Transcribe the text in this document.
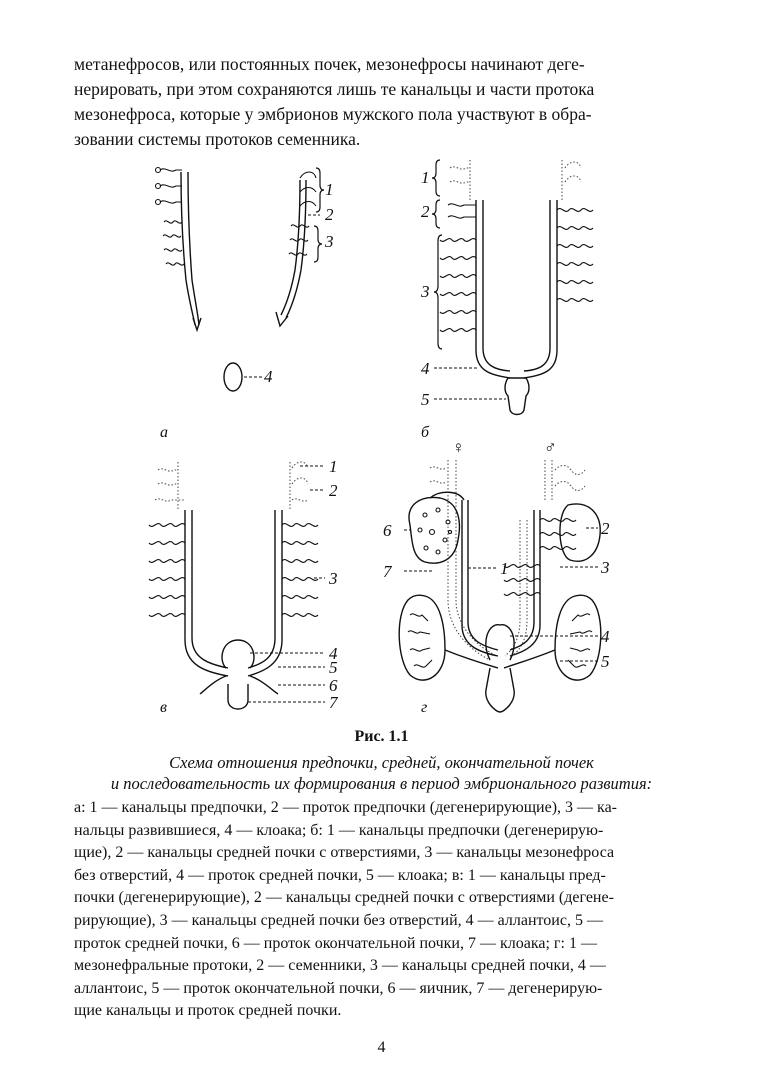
метанефросов, или постоянных почек, мезонефросы начинают деге-
нерировать, при этом сохраняются лишь те канальцы и части протока
мезонефроса, которые у эмбрионов мужского пола участвуют в обра-
зовании системы протоков семенника.

1
2
3
4
а
1
2
3
4
5
б
1
2
3
4
5
6
7
в
♀	♂
6
7	1
2
3
4
5
г

Рис. 1.1

Схема отношения предпочки, средней, окончательной почек
и последовательность их формирования в период эмбрионального развития:

а: 1 — канальцы предпочки, 2 — проток предпочки (дегенерирующие), 3 — ка-
нальцы развившиеся, 4 — клоака; б: 1 — канальцы предпочки (дегенерирую-
щие), 2 — канальцы средней почки с отверстиями, 3 — канальцы мезонефроса
без отверстий, 4 — проток средней почки, 5 — клоака; в: 1 — канальцы пред-
почки (дегенерирующие), 2 — канальцы средней почки с отверстиями (дегене-
рирующие), 3 — канальцы средней почки без отверстий, 4 — аллантоис, 5 —
проток средней почки, 6 — проток окончательной почки, 7 — клоака; г: 1 —
мезонефральные протоки, 2 — семенники, 3 — канальцы средней почки, 4 —
аллантоис, 5 — проток окончательной почки, 6 — яичник, 7 — дегенерирую-
щие канальцы и проток средней почки.

4
